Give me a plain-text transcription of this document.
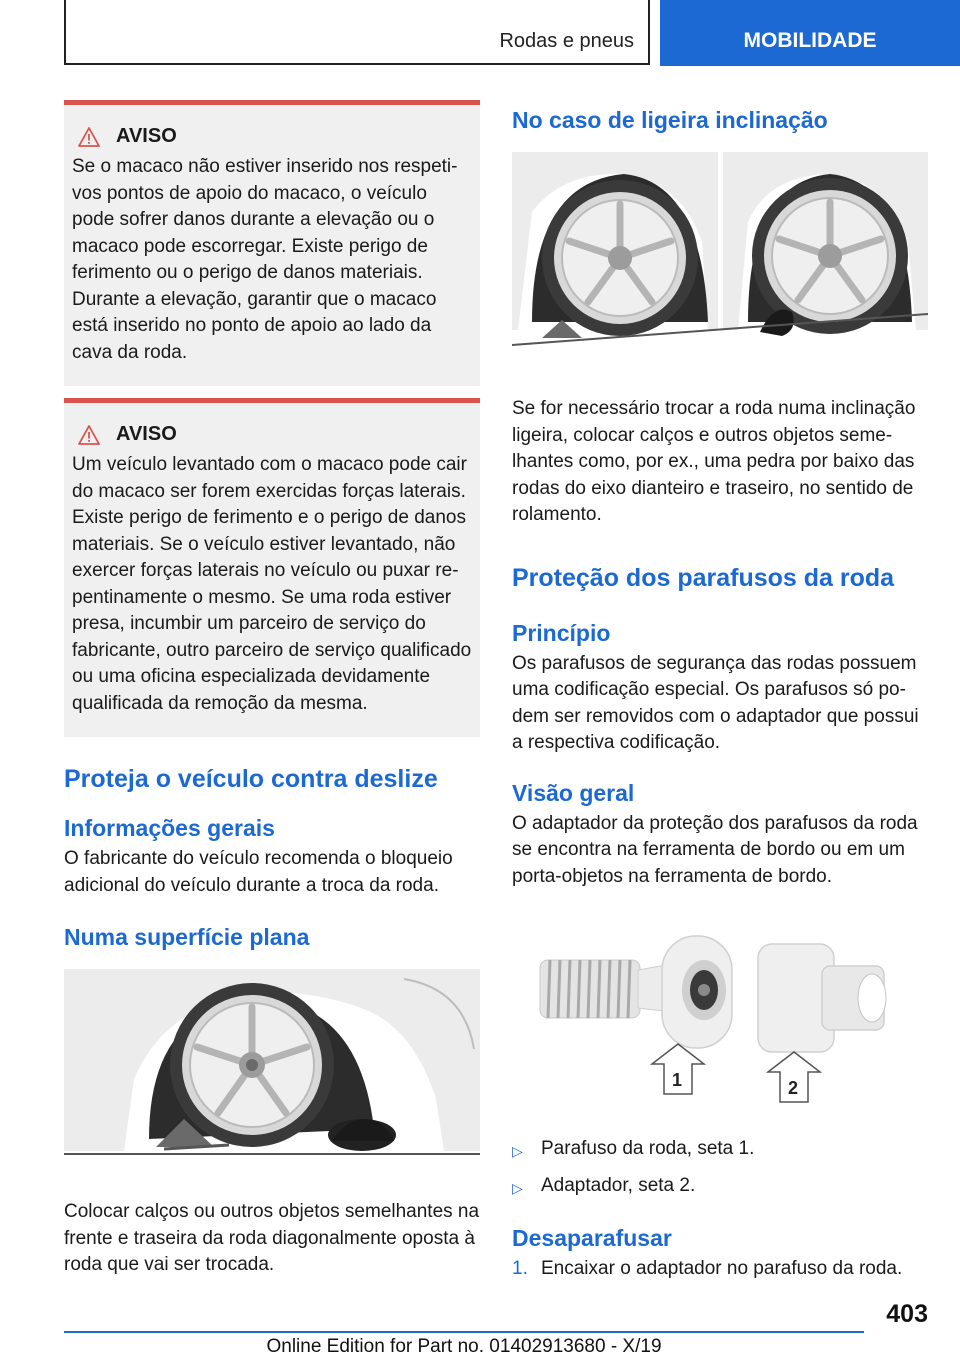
Rodas e pneus	MOBILIDADE
AVISO
Se o macaco não estiver inserido nos respetivos pontos de apoio do macaco, o veículo pode sofrer danos durante a elevação ou o macaco pode escorregar. Existe perigo de ferimento ou o perigo de danos materiais. Durante a elevação, garantir que o macaco está inserido no ponto de apoio ao lado da cava da roda.
AVISO
Um veículo levantado com o macaco pode cair do macaco ser forem exercidas forças laterais. Existe perigo de ferimento e o perigo de danos materiais. Se o veículo estiver levantado, não exercer forças laterais no veículo ou puxar repentinamente o mesmo. Se uma roda estiver presa, incumbir um parceiro de serviço do fabricante, outro parceiro de serviço qualificado ou uma oficina especializada devidamente qualificada da remoção da mesma.
Proteja o veículo contra deslize
Informações gerais

O fabricante do veículo recomenda o bloqueio adicional do veículo durante a troca da roda.

Numa superfície plana

Colocar calços ou outros objetos semelhantes na frente e traseira da roda diagonalmente oposta à roda que vai ser trocada.

No caso de ligeira inclinação

Se for necessário trocar a roda numa inclinação ligeira, colocar calços e outros objetos semelhantes como, por ex., uma pedra por baixo das rodas do eixo dianteiro e traseiro, no sentido de rolamento.

Proteção dos parafusos da roda
Princípio

Os parafusos de segurança das rodas possuem uma codificação especial. Os parafusos só podem ser removidos com o adaptador que possui a respectiva codificação.

Visão geral

O adaptador da proteção dos parafusos da roda se encontra na ferramenta de bordo ou em um porta-objetos na ferramenta de bordo.

1	2
▷ Parafuso da roda, seta 1.
▷ Adaptador, seta 2.
Desaparafusar
1. Encaixar o adaptador no parafuso da roda.
403
Online Edition for Part no. 01402913680 - X/19
